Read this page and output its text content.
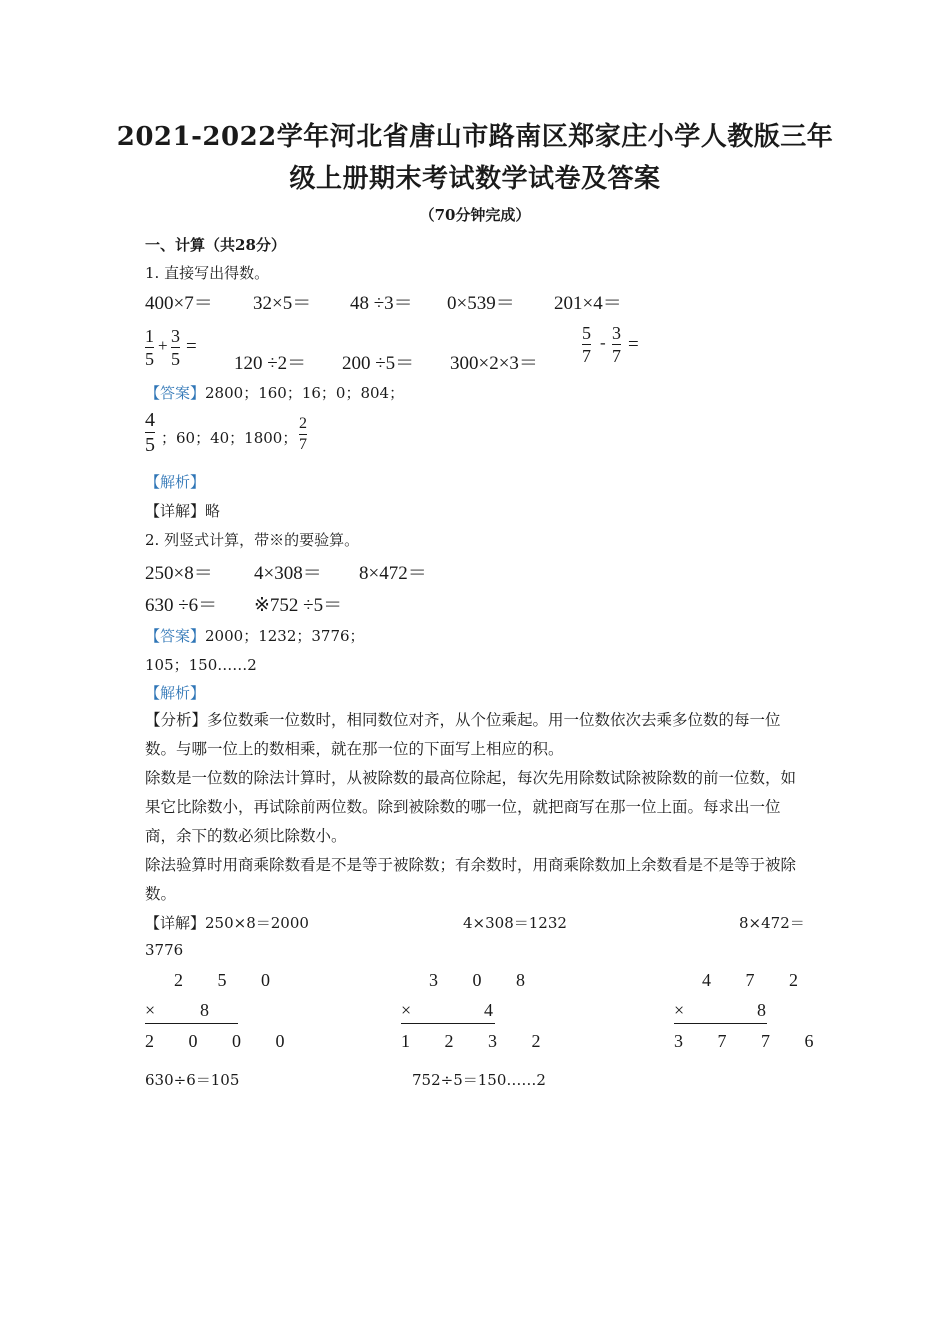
2021-2022学年河北省唐山市路南区郑家庄小学人教版三年
级上册期末考试数学试卷及答案
（70分钟完成）
一、计算（共28分）
1. 直接写出得数。
400×7＝ 32×5＝ 48 ÷3＝ 0×539＝ 201×4＝
1
5
+ 3
5
=
120 ÷2＝ 200 ÷5＝ 300×2×3＝
5
7
- 3
7
=
【答案】2800；160；16；0；804；
4
5 ；60；40；1800；
2
7
【解析】
【详解】略
2. 列竖式计算，带※的要验算。
250×8＝ 4×308＝ 8×472＝
630 ÷6＝ ※752 ÷5＝
【答案】2000；1232；3776；
105；150……2
【解析】
【分析】多位数乘一位数时，相同数位对齐，从个位乘起。用一位数依次去乘多位数的每一位数。与哪一位上的数相乘，就在那一位的下面写上相应的积。
除数是一位数的除法计算时，从被除数的最高位除起，每次先用除数试除被除数的前一位数，如果它比除数小，再试除前两位数。除到被除数的哪一位，就把商写在那一位上面。每求出一位商，余下的数必须比除数小。
除法验算时用商乘除数看是不是等于被除数；有余数时，用商乘除数加上余数看是不是等于被除数。
【详解】250×8＝2000	4×308＝1232	8×472＝
3776
2 5 0
× 8
2 0 0 0
3 0 8
×	4
1 2 3 2
4 7 2
×	8
3 7 7 6
630÷6＝105	752÷5＝150……2
